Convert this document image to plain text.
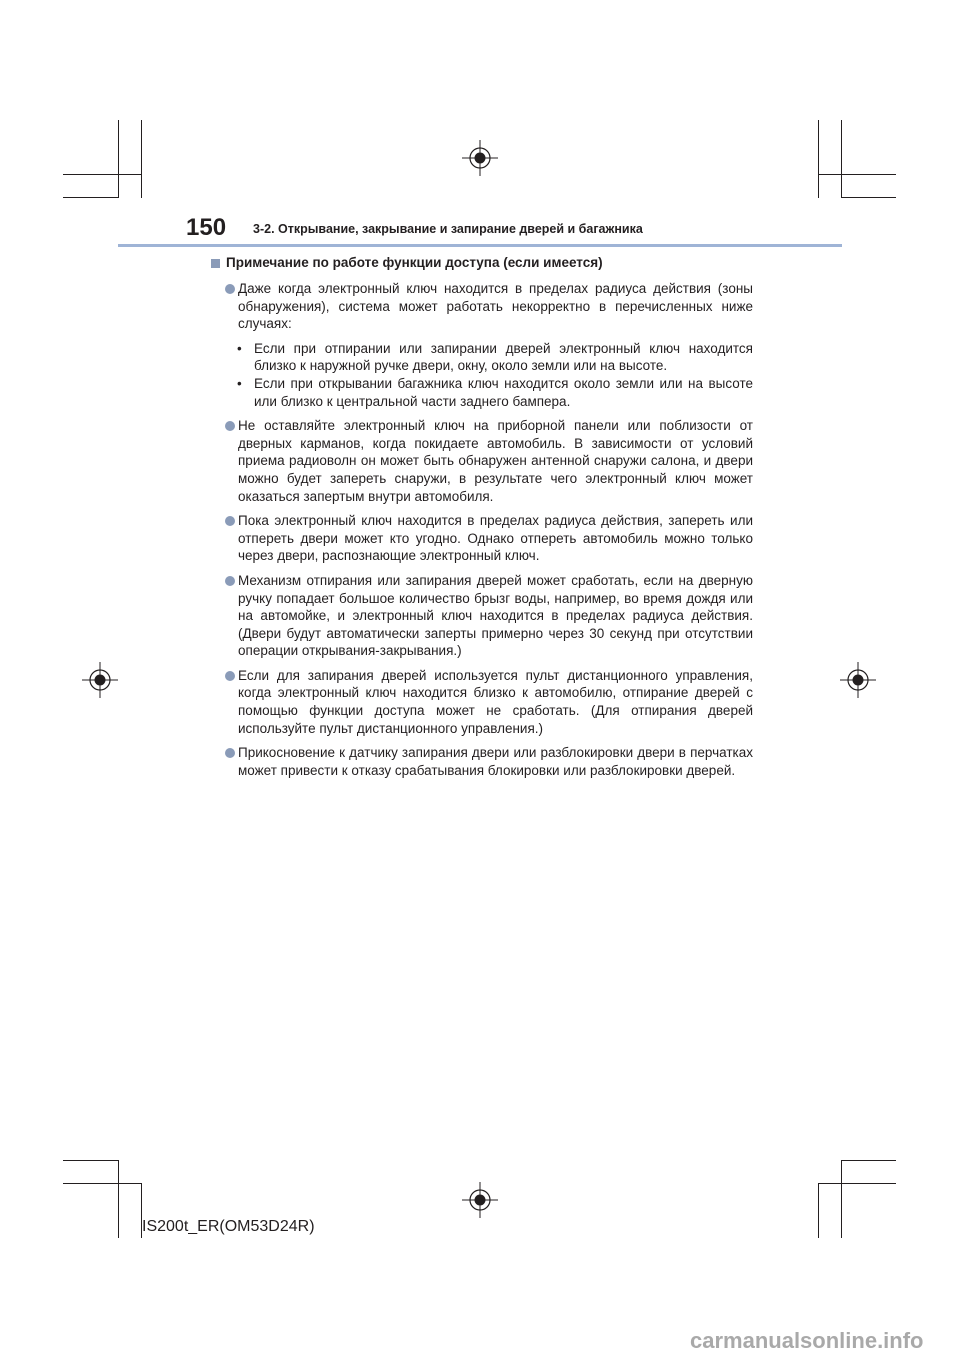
150 3-2. Открывание, закрывание и запирание дверей и багажника
Примечание по работе функции доступа (если имеется)
Даже когда электронный ключ находится в пределах радиуса действия (зоны обнаружения), система может работать некорректно в перечисленных ниже случаях:
• Если при отпирании или запирании дверей электронный ключ находится близко к наружной ручке двери, окну, около земли или на высоте.
• Если при открывании багажника ключ находится около земли или на высоте или близко к центральной части заднего бампера.
Не оставляйте электронный ключ на приборной панели или поблизости от дверных карманов, когда покидаете автомобиль. В зависимости от условий приема радиоволн он может быть обнаружен антенной снаружи салона, и двери можно будет запереть снаружи, в результате чего электронный ключ может оказаться запертым внутри автомобиля.
Пока электронный ключ находится в пределах радиуса действия, запереть или отпереть двери может кто угодно. Однако отпереть автомобиль можно только через двери, распознающие электронный ключ.
Механизм отпирания или запирания дверей может сработать, если на дверную ручку попадает большое количество брызг воды, например, во время дождя или на автомойке, и электронный ключ находится в пределах радиуса действия. (Двери будут автоматически заперты примерно через 30 секунд при отсутствии операции открывания-закрывания.)
Если для запирания дверей используется пульт дистанционного управления, когда электронный ключ находится близко к автомобилю, отпирание дверей с помощью функции доступа может не сработать. (Для отпирания дверей используйте пульт дистанционного управления.)
Прикосновение к датчику запирания двери или разблокировки двери в перчатках может привести к отказу срабатывания блокировки или разблокировки дверей.
IS200t_ER(OM53D24R)
carmanualsonline.info
